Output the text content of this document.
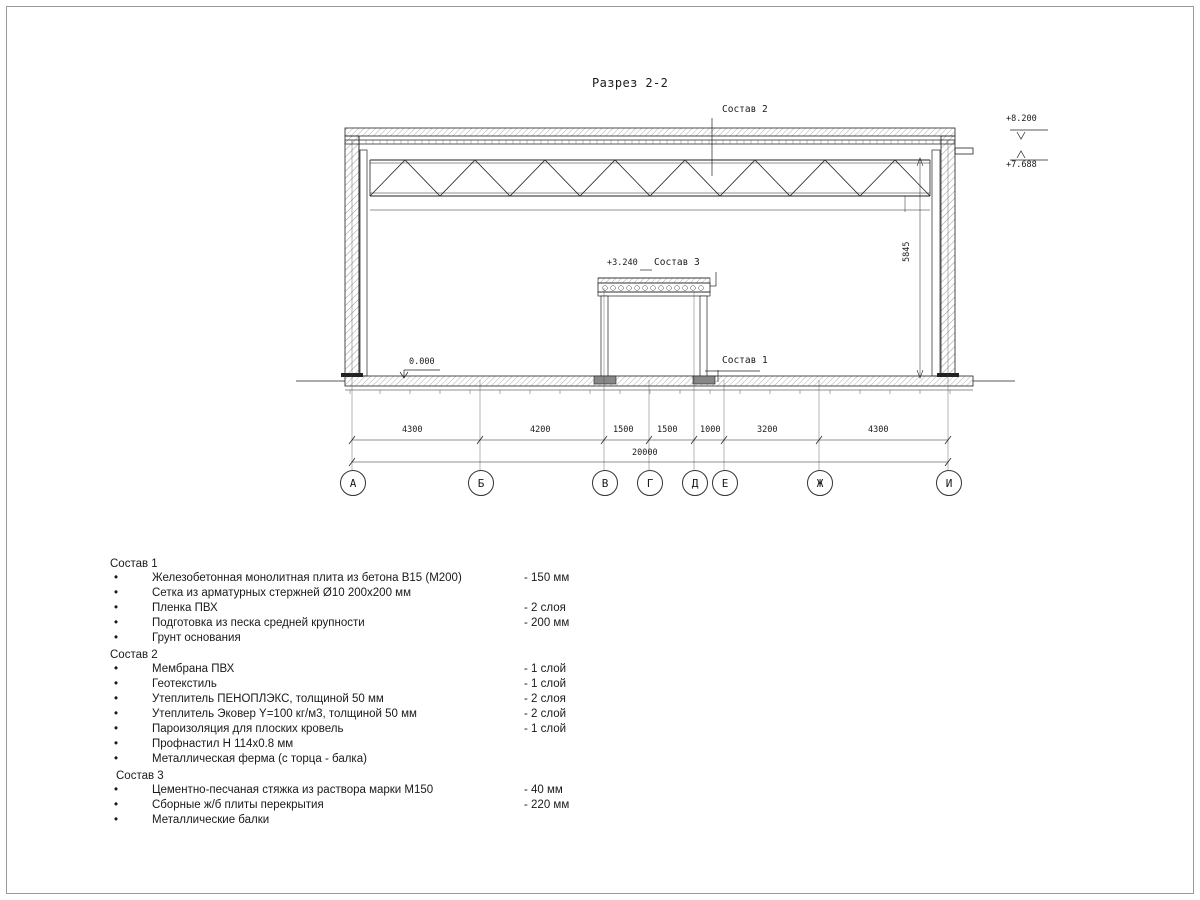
Разрез 2-2
Состав 2
Состав 3
Состав 1
0.000
+3.240
+8.200
+7.688
5845
4300	4200	1500	1500	1000	3200	4300
20000
А	Б	В	Г	Д	Е	Ж	И
Состав 1
•	Железобетонная монолитная плита из бетона В15 (М200)	- 150 мм
•	Сетка из арматурных стержней Ø10 200х200 мм
•	Пленка ПВХ	- 2 слоя
•	Подготовка из песка средней крупности	- 200 мм
•	Грунт основания
Состав 2
•	Мембрана ПВХ	- 1 слой
•	Геотекстиль	- 1 слой
•	Утеплитель ПЕНОПЛЭКС, толщиной 50 мм	- 2 слоя
•	Утеплитель Эковер Y=100 кг/м3, толщиной 50 мм	- 2 слой
•	Пароизоляция для плоских кровель	- 1 слой
•	Профнастил Н 114х0.8 мм
•	Металлическая ферма (с торца - балка)
Состав 3
•	Цементно-песчаная стяжка из раствора марки М150	- 40 мм
•	Сборные ж/б плиты перекрытия	- 220 мм
•	Металлические балки
